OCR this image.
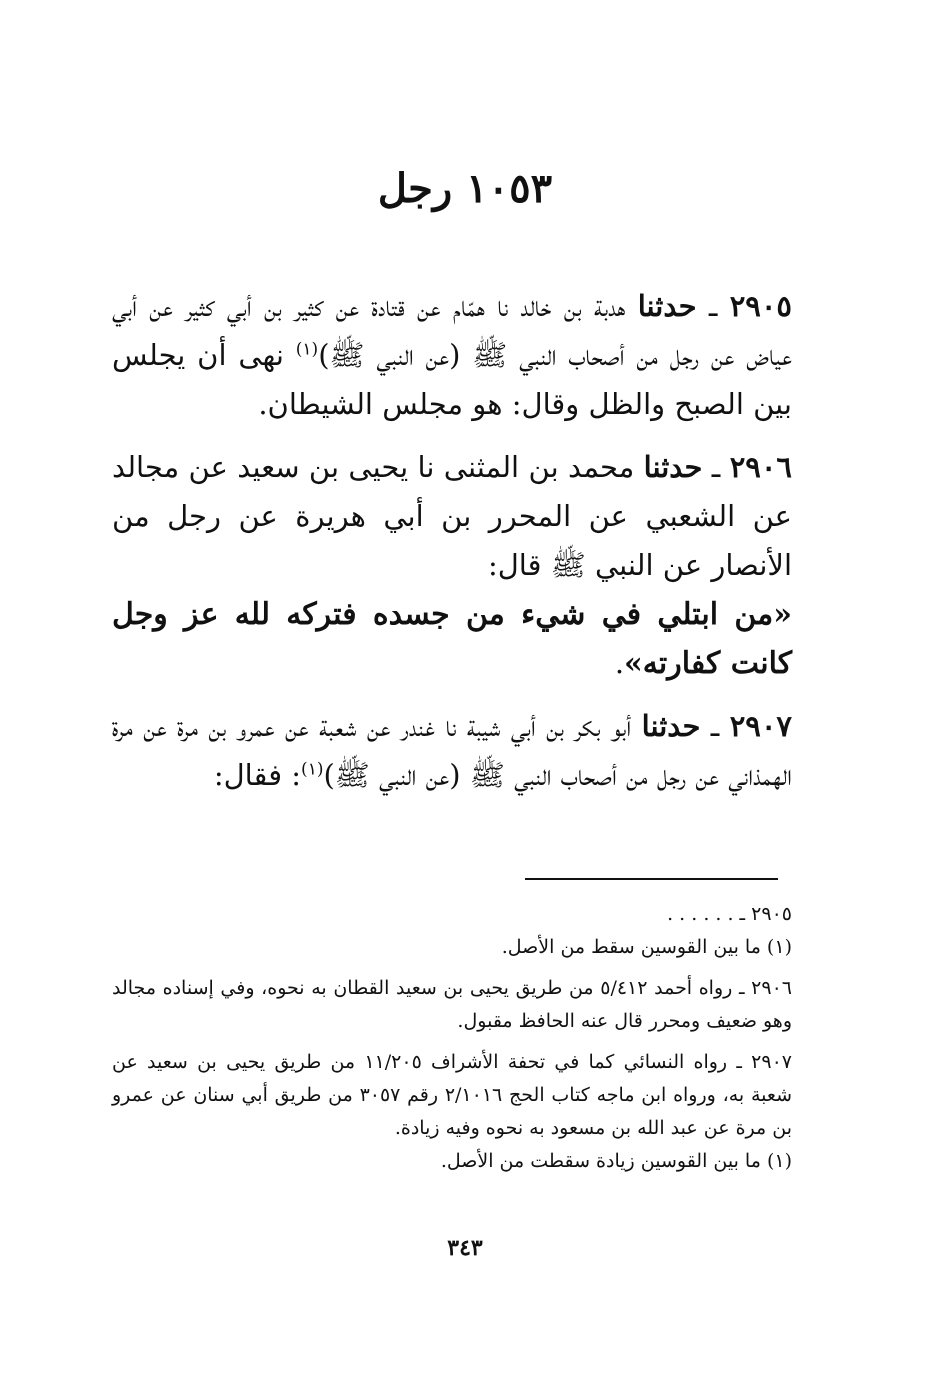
١٠٥٣ رجل

٢٩٠٥ ـ حدثنا هدبة بن خالد نا همّام عن قتادة عن كثير بن أبي كثير عن أبي عياض عن رجل من أصحاب النبي ﷺ (عن النبي ﷺ)$^{(١)}$ نهى أن يجلس بين الصبح والظل وقال: هو مجلس الشيطان.

٢٩٠٦ ـ حدثنا محمد بن المثنى نا يحيى بن سعيد عن مجالد عن الشعبي عن المحرر بن أبي هريرة عن رجل من الأنصار عن النبي ﷺ قال:
«من ابتلي في شيء من جسده فتركه لله عز وجل كانت كفارته».

٢٩٠٧ ـ حدثنا أبو بكر بن أبي شيبة نا غندر عن شعبة عن عمرو بن مرة عن مرة الهمذاني عن رجل من أصحاب النبي ﷺ (عن النبي ﷺ)$^{(١)}$: فقال:

٢٩٠٥ ـ . . . . . .
(١) ما بين القوسين سقط من الأصل.
٢٩٠٦ ـ رواه أحمد ٥/٤١٢ من طريق يحيى بن سعيد القطان به نحوه، وفي إسناده مجالد وهو ضعيف ومحرر قال عنه الحافظ مقبول.
٢٩٠٧ ـ رواه النسائي كما في تحفة الأشراف ١١/٢٠٥ من طريق يحيى بن سعيد عن شعبة به، ورواه ابن ماجه كتاب الحج ٢/١٠١٦ رقم ٣٠٥٧ من طريق أبي سنان عن عمرو بن مرة عن عبد الله بن مسعود به نحوه وفيه زيادة.
(١) ما بين القوسين زيادة سقطت من الأصل.
٣٤٣
